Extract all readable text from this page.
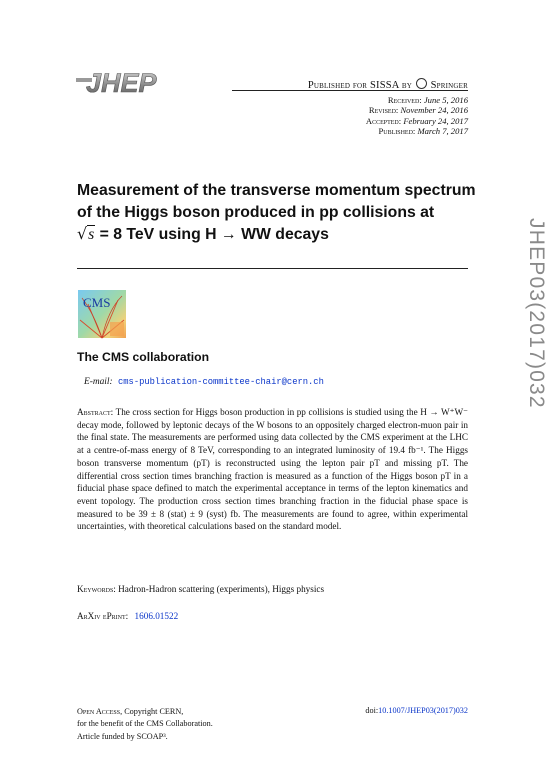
JHEP	Published for SISSA by Springer
Received: June 5, 2016
Revised: November 24, 2016
Accepted: February 24, 2017
Published: March 7, 2017
Measurement of the transverse momentum spectrum
of the Higgs boson produced in pp collisions at
√s = 8 TeV using H → WW decays	JHEP03(2017)032
CMS
The CMS collaboration
E-mail: cms-publication-committee-chair@cern.ch
Abstract: The cross section for Higgs boson production in pp collisions is studied using the H → W⁺W⁻ decay mode, followed by leptonic decays of the W bosons to an oppositely charged electron-muon pair in the final state. The measurements are performed using data collected by the CMS experiment at the LHC at a centre-of-mass energy of 8 TeV, corresponding to an integrated luminosity of 19.4 fb⁻¹. The Higgs boson transverse momentum (pT) is reconstructed using the lepton pair pT and missing pT. The differential cross section times branching fraction is measured as a function of the Higgs boson pT in a fiducial phase space defined to match the experimental acceptance in terms of the lepton kinematics and event topology. The production cross section times branching fraction in the fiducial phase space is measured to be 39 ± 8 (stat) ± 9 (syst) fb. The measurements are found to agree, within experimental uncertainties, with theoretical calculations based on the standard model.
Keywords: Hadron-Hadron scattering (experiments), Higgs physics
ArXiv ePrint: 1606.01522
Open Access, Copyright CERN,
for the benefit of the CMS Collaboration.
Article funded by SCOAP³.
doi:10.1007/JHEP03(2017)032
